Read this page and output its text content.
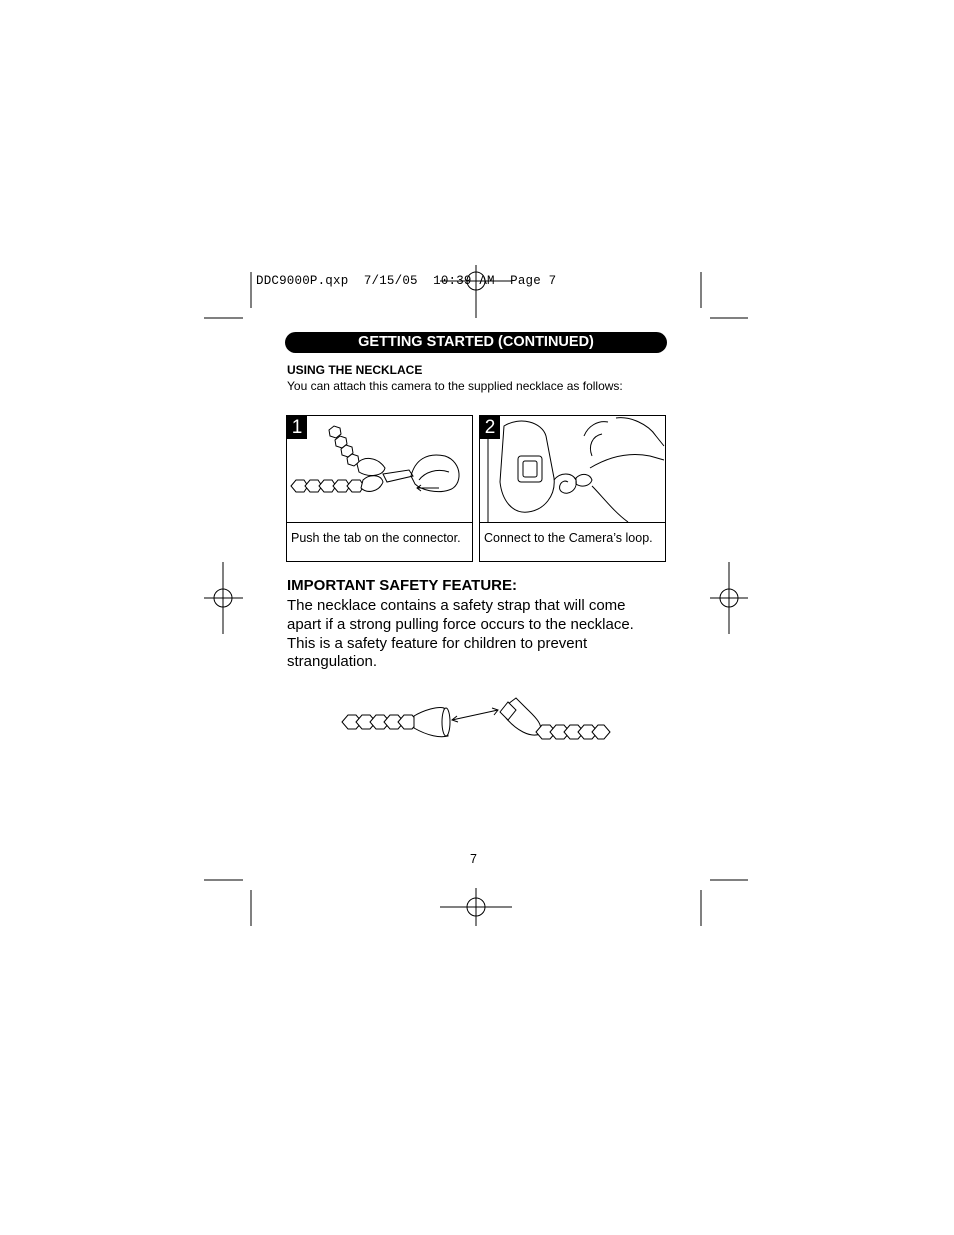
DDC9000P.qxp  7/15/05  10:39 AM  Page 7
GETTING STARTED (CONTINUED)
USING THE NECKLACE
You can attach this camera to the supplied necklace as follows:
1
Push the tab on the connector.
2
Connect to the Camera’s loop.
IMPORTANT SAFETY FEATURE:
The necklace contains a safety strap that will come apart if a strong pulling force occurs to the necklace. This is a safety feature for children to prevent strangulation.
7
